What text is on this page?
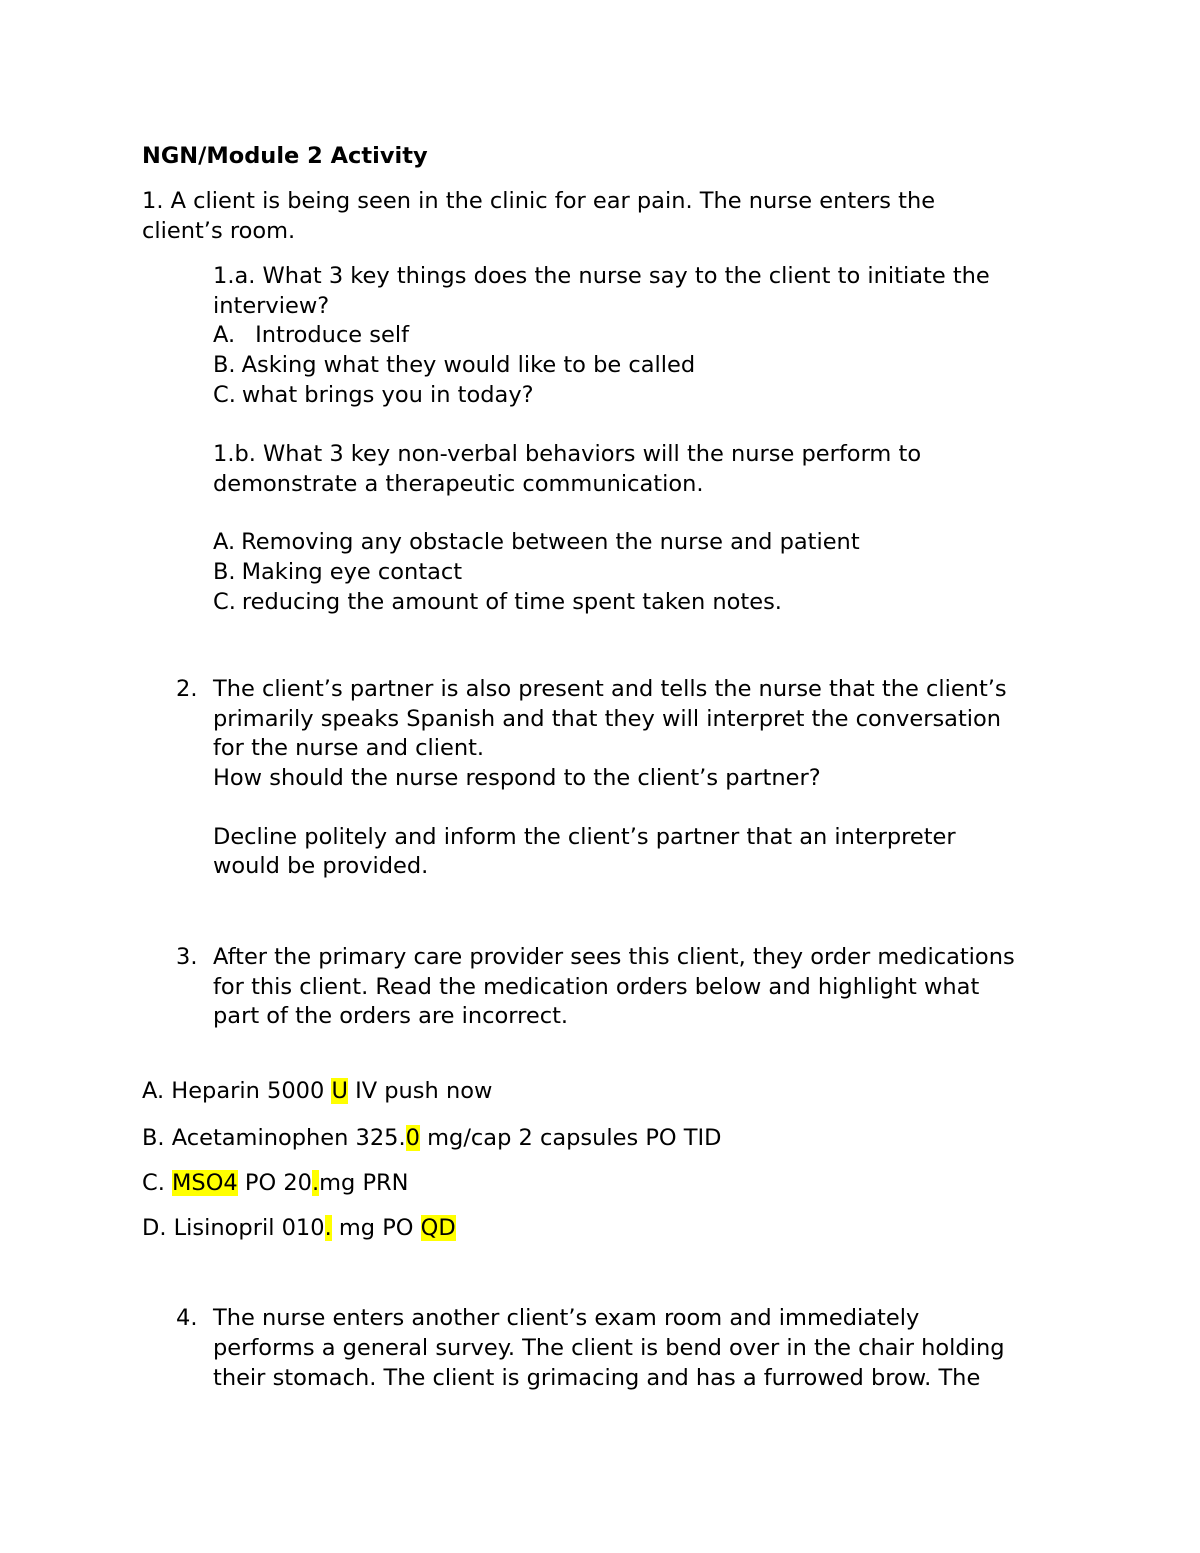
NGN/Module 2 Activity
1. A client is being seen in the clinic for ear pain. The nurse enters the
client’s room.
1.a. What 3 key things does the nurse say to the client to initiate the
interview?
A. Introduce self
B. Asking what they would like to be called
C. what brings you in today?
1.b. What 3 key non-verbal behaviors will the nurse perform to
demonstrate a therapeutic communication.
A. Removing any obstacle between the nurse and patient
B. Making eye contact
C. reducing the amount of time spent taken notes.
2. The client’s partner is also present and tells the nurse that the client’s
primarily speaks Spanish and that they will interpret the conversation
for the nurse and client.
How should the nurse respond to the client’s partner?
Decline politely and inform the client’s partner that an interpreter
would be provided.
3. After the primary care provider sees this client, they order medications
for this client. Read the medication orders below and highlight what
part of the orders are incorrect.
A. Heparin 5000 U IV push now
B. Acetaminophen 325.0 mg/cap 2 capsules PO TID
C. MSO4 PO 20.mg PRN
D. Lisinopril 010. mg PO QD
4. The nurse enters another client’s exam room and immediately
performs a general survey. The client is bend over in the chair holding
their stomach. The client is grimacing and has a furrowed brow. The
